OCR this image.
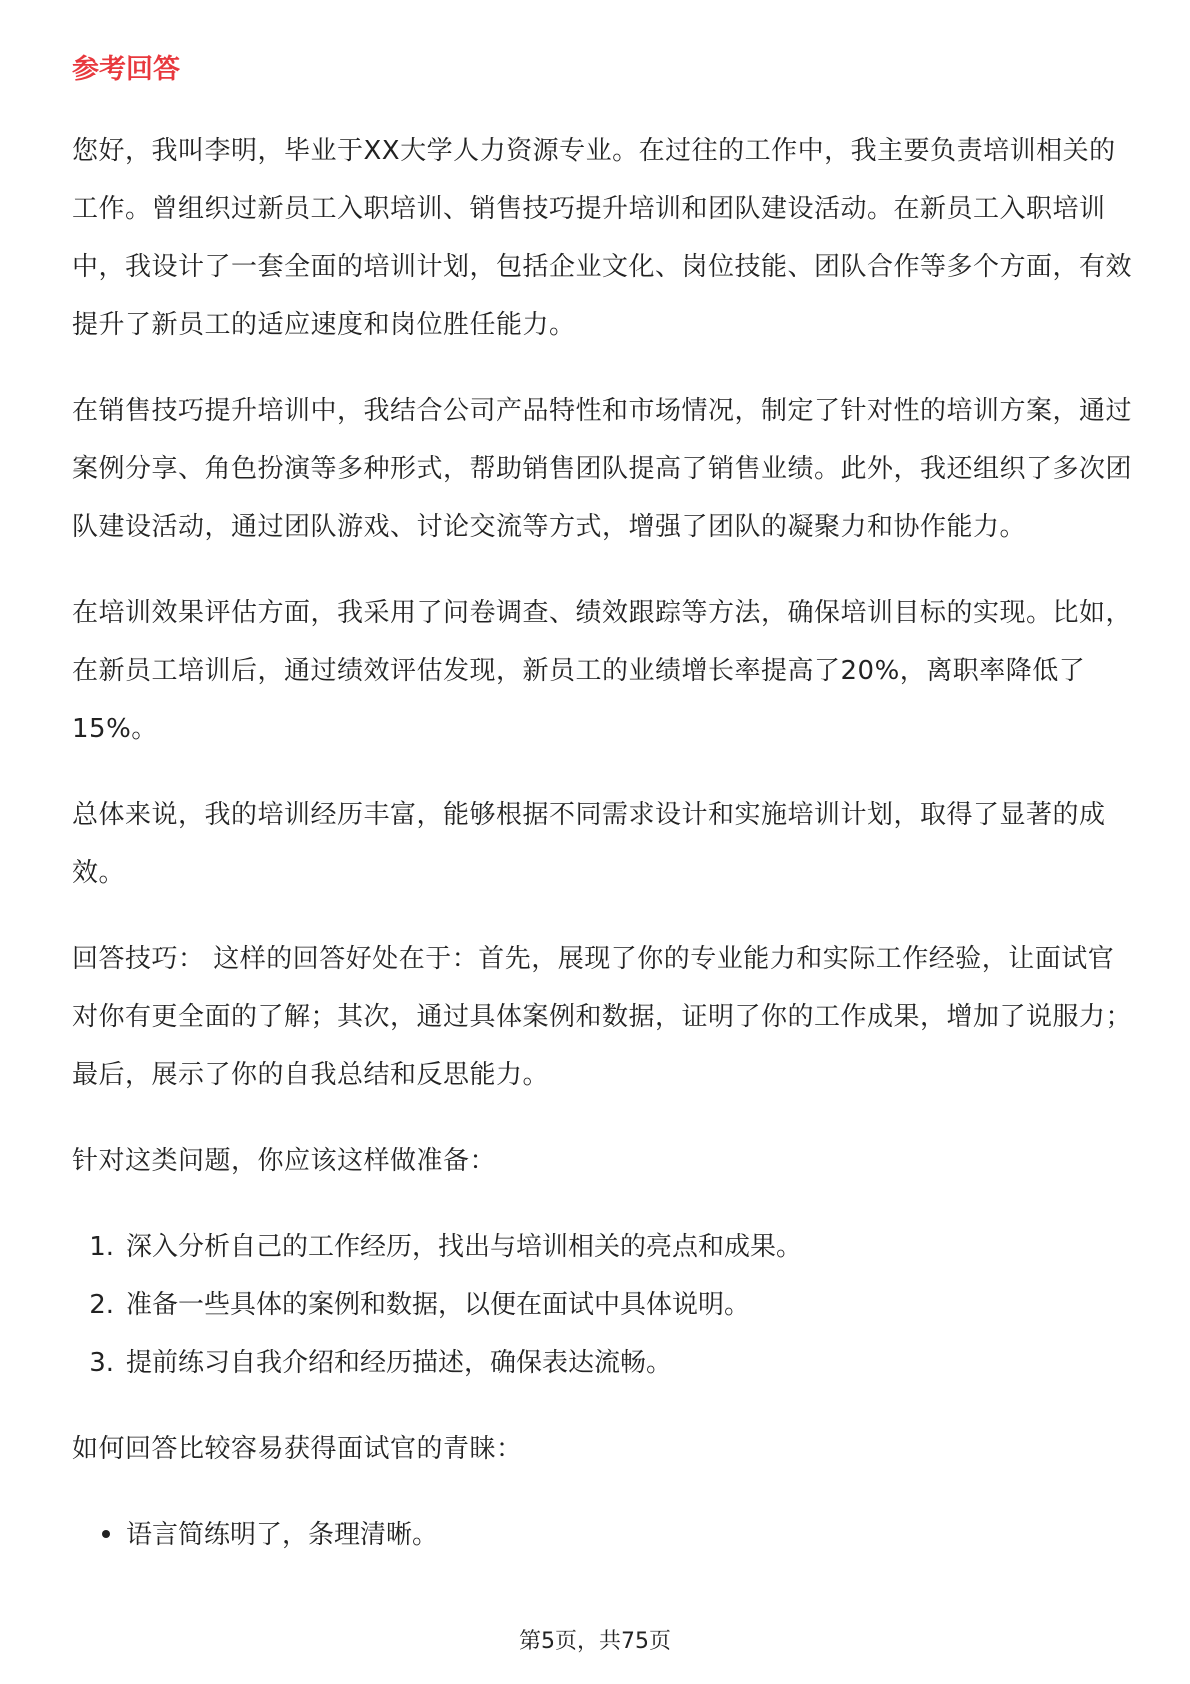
参考回答

您好，我叫李明，毕业于XX大学人力资源专业。在过往的工作中，我主要负责培训相关的工作。曾组织过新员工入职培训、销售技巧提升培训和团队建设活动。在新员工入职培训中，我设计了一套全面的培训计划，包括企业文化、岗位技能、团队合作等多个方面，有效提升了新员工的适应速度和岗位胜任能力。

在销售技巧提升培训中，我结合公司产品特性和市场情况，制定了针对性的培训方案，通过案例分享、角色扮演等多种形式，帮助销售团队提高了销售业绩。此外，我还组织了多次团队建设活动，通过团队游戏、讨论交流等方式，增强了团队的凝聚力和协作能力。

在培训效果评估方面，我采用了问卷调查、绩效跟踪等方法，确保培训目标的实现。比如，在新员工培训后，通过绩效评估发现，新员工的业绩增长率提高了20%，离职率降低了15%。

总体来说，我的培训经历丰富，能够根据不同需求设计和实施培训计划，取得了显著的成效。

回答技巧： 这样的回答好处在于：首先，展现了你的专业能力和实际工作经验，让面试官对你有更全面的了解；其次，通过具体案例和数据，证明了你的工作成果，增加了说服力；最后，展示了你的自我总结和反思能力。

针对这类问题，你应该这样做准备：

1. 深入分析自己的工作经历，找出与培训相关的亮点和成果。
2. 准备一些具体的案例和数据，以便在面试中具体说明。
3. 提前练习自我介绍和经历描述，确保表达流畅。

如何回答比较容易获得面试官的青睐：

语言简练明了，条理清晰。
第5页，共75页
